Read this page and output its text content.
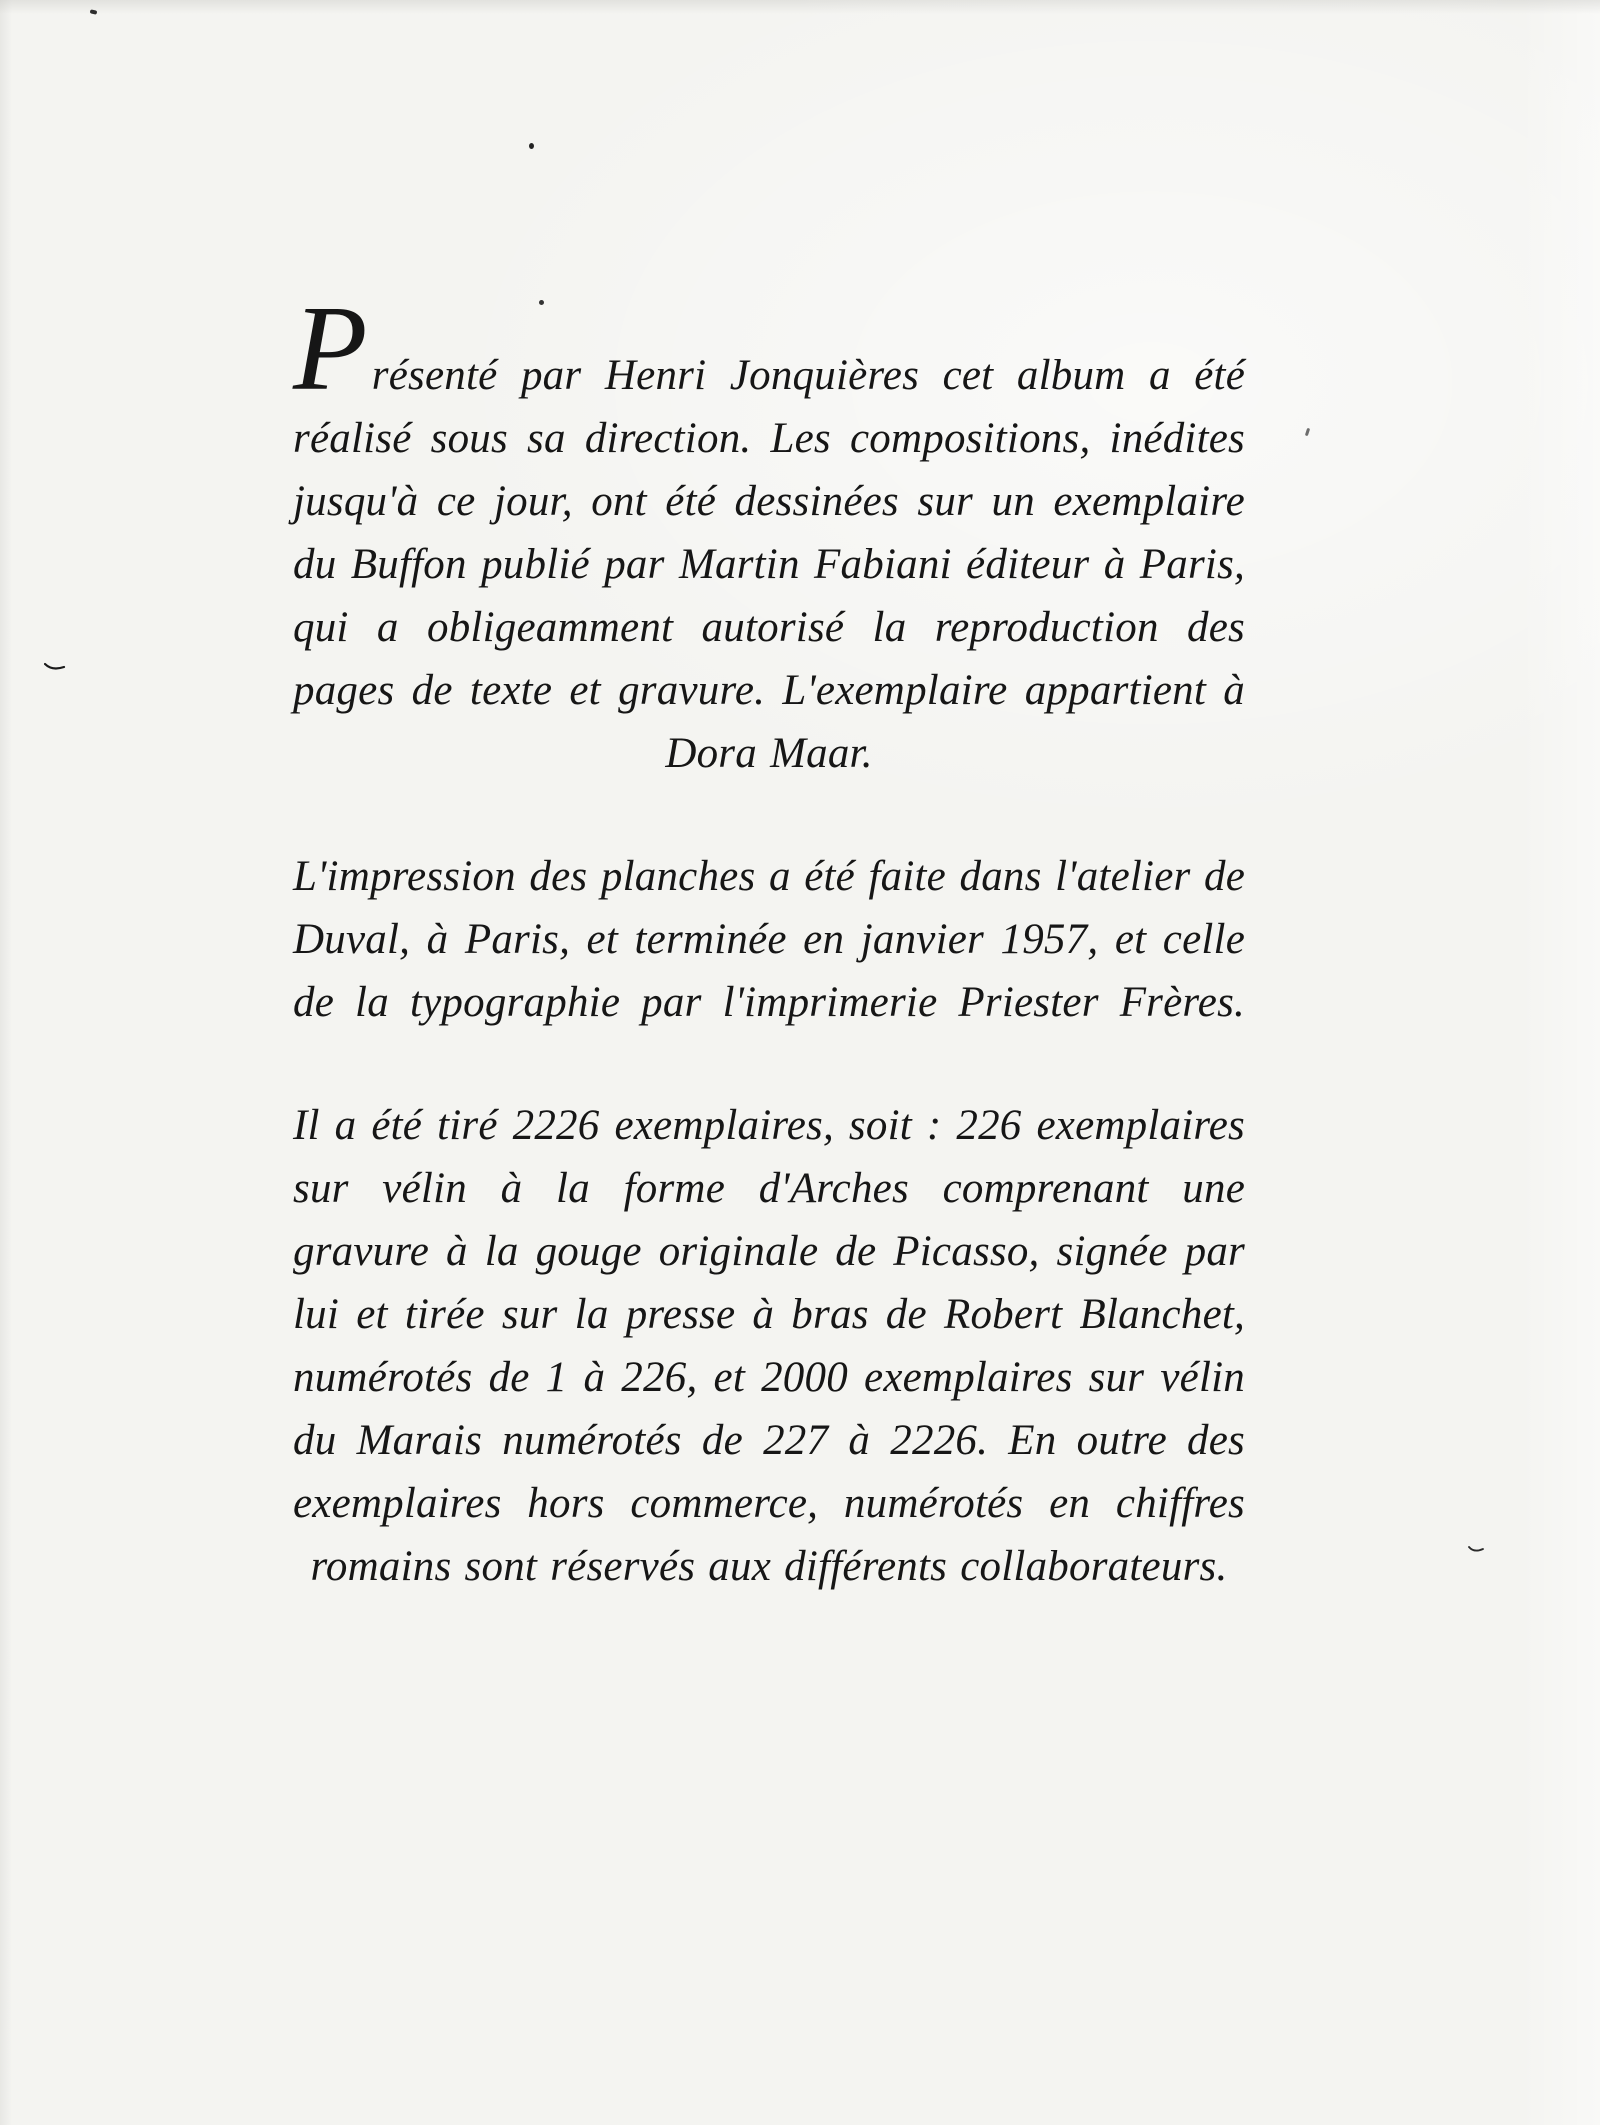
Présenté par Henri Jonquières cet album a été réalisé sous sa direction. Les compositions, inédites jusqu'à ce jour, ont été dessinées sur un exemplaire du Buffon publié par Martin Fabiani éditeur à Paris, qui a obligeamment autorisé la reproduction des pages de texte et gravure. L'exemplaire appartient à Dora Maar.

L'impression des planches a été faite dans l'atelier de Duval, à Paris, et terminée en janvier 1957, et celle de la typographie par l'imprimerie Priester Frères.

Il a été tiré 2226 exemplaires, soit : 226 exemplaires sur vélin à la forme d'Arches comprenant une gravure à la gouge originale de Picasso, signée par lui et tirée sur la presse à bras de Robert Blanchet, numérotés de 1 à 226, et 2000 exemplaires sur vélin du Marais numérotés de 227 à 2226. En outre des exemplaires hors commerce, numérotés en chiffres romains sont réservés aux différents collaborateurs.
